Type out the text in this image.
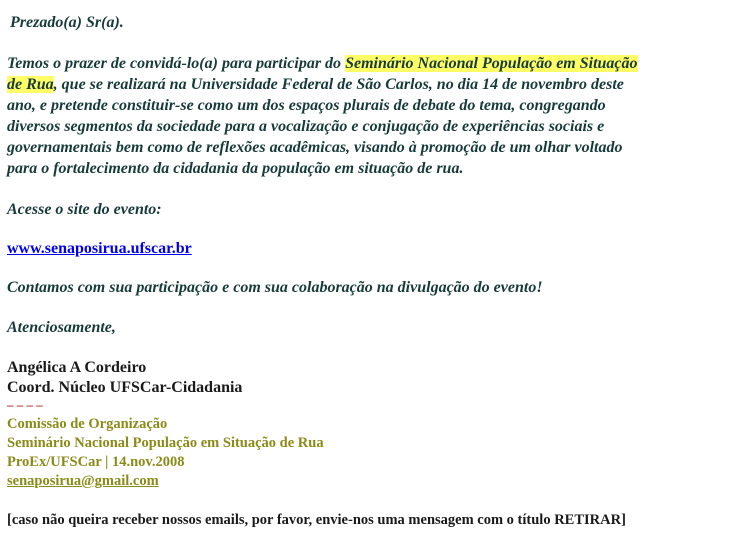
Prezado(a) Sr(a).
Temos o prazer de convidá-lo(a) para participar do Seminário Nacional População em Situação
de Rua, que se realizará na Universidade Federal de São Carlos, no dia 14 de novembro deste
ano, e pretende constituir-se como um dos espaços plurais de debate do tema, congregando
diversos segmentos da sociedade para a vocalização e conjugação de experiências sociais e
governamentais bem como de reflexões acadêmicas, visando à promoção de um olhar voltado
para o fortalecimento da cidadania da população em situação de rua.
Acesse o site do evento:
www.senaposirua.ufscar.br
Contamos com sua participação e com sua colaboração na divulgação do evento!
Atenciosamente,
Angélica A Cordeiro
Coord. Núcleo UFSCar-Cidadania
– – – –
Comissão de Organização
Seminário Nacional População em Situação de Rua
ProEx/UFSCar | 14.nov.2008
senaposirua@gmail.com
[caso não queira receber nossos emails, por favor, envie-nos uma mensagem com o título RETIRAR]
